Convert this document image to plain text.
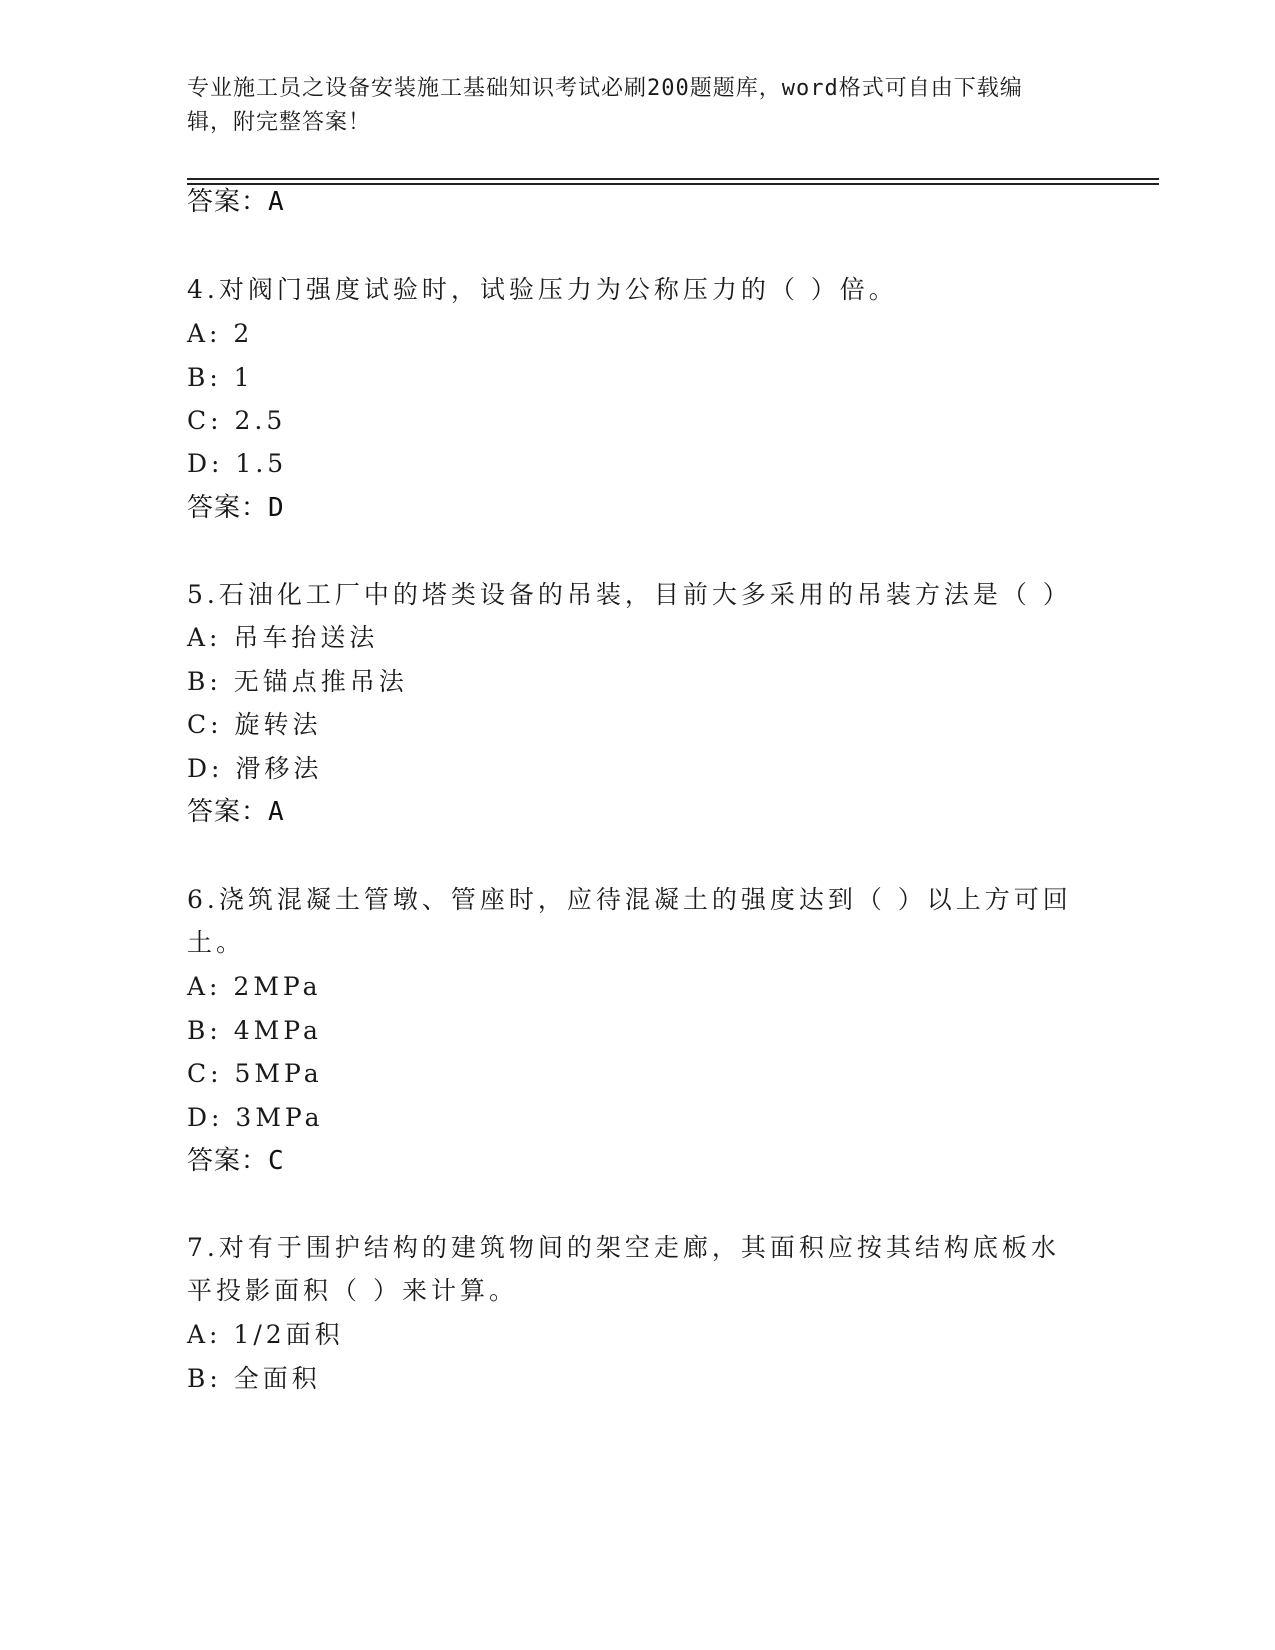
专业施工员之设备安装施工基础知识考试必刷200题题库，word格式可自由下载编辑，附完整答案！
答案：A
4.对阀门强度试验时，试验压力为公称压力的（ ）倍。
A: 2
B: 1
C: 2.5
D: 1.5
答案：D
5.石油化工厂中的塔类设备的吊装，目前大多采用的吊装方法是（ ）
A: 吊车抬送法
B: 无锚点推吊法
C: 旋转法
D: 滑移法
答案：A
6.浇筑混凝土管墩、管座时，应待混凝土的强度达到（ ）以上方可回
土。
A: 2MPa
B: 4MPa
C: 5MPa
D: 3MPa
答案：C
7.对有于围护结构的建筑物间的架空走廊，其面积应按其结构底板水
平投影面积（ ）来计算。
A: 1/2面积
B: 全面积
